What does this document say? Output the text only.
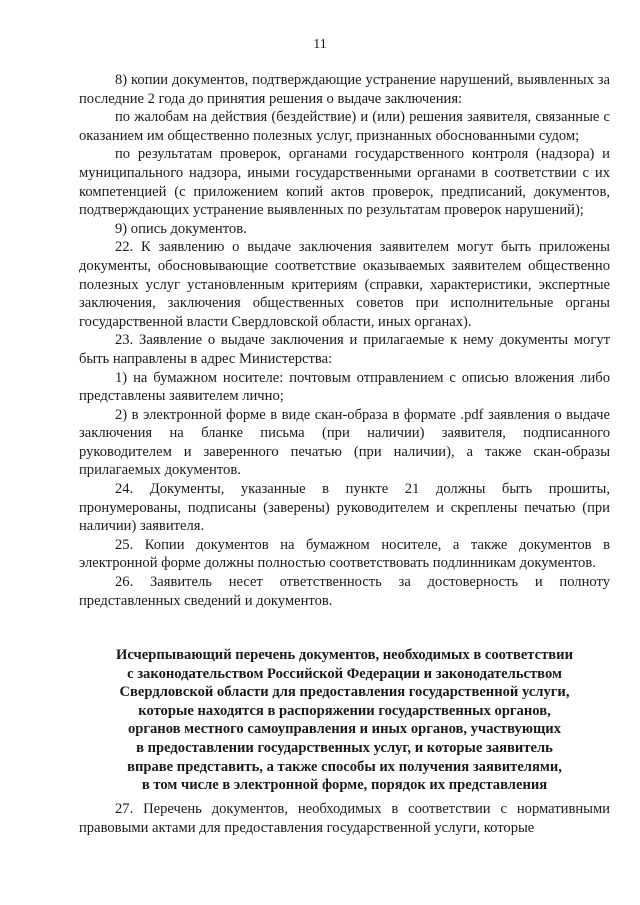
11

8) копии документов, подтверждающие устранение нарушений, выявленных за последние 2 года до принятия решения о выдаче заключения:

по жалобам на действия (бездействие) и (или) решения заявителя, связанные с оказанием им общественно полезных услуг, признанных обоснованными судом;

по результатам проверок, органами государственного контроля (надзора) и муниципального надзора, иными государственными органами в соответствии с их компетенцией (с приложением копий актов проверок, предписаний, документов, подтверждающих устранение выявленных по результатам проверок нарушений);

9) опись документов.

22. К заявлению о выдаче заключения заявителем могут быть приложены документы, обосновывающие соответствие оказываемых заявителем общественно полезных услуг установленным критериям (справки, характеристики, экспертные заключения, заключения общественных советов при исполнительные органы государственной власти Свердловской области, иных органах).

23. Заявление о выдаче заключения и прилагаемые к нему документы могут быть направлены в адрес Министерства:

1) на бумажном носителе: почтовым отправлением с описью вложения либо представлены заявителем лично;

2) в электронной форме в виде скан-образа в формате .pdf заявления о выдаче заключения на бланке письма (при наличии) заявителя, подписанного руководителем и заверенного печатью (при наличии), а также скан-образы прилагаемых документов.

24. Документы, указанные в пункте 21 должны быть прошиты, пронумерованы, подписаны (заверены) руководителем и скреплены печатью (при наличии) заявителя.

25. Копии документов на бумажном носителе, а также документов в электронной форме должны полностью соответствовать подлинникам документов.

26. Заявитель несет ответственность за достоверность и полноту представленных сведений и документов.

Исчерпывающий перечень документов, необходимых в соответствии
с законодательством Российской Федерации и законодательством
Свердловской области для предоставления государственной услуги,
которые находятся в распоряжении государственных органов,
органов местного самоуправления и иных органов, участвующих
в предоставлении государственных услуг, и которые заявитель
вправе представить, а также способы их получения заявителями,
в том числе в электронной форме, порядок их представления

27. Перечень документов, необходимых в соответствии с нормативными правовыми актами для предоставления государственной услуги, которые
